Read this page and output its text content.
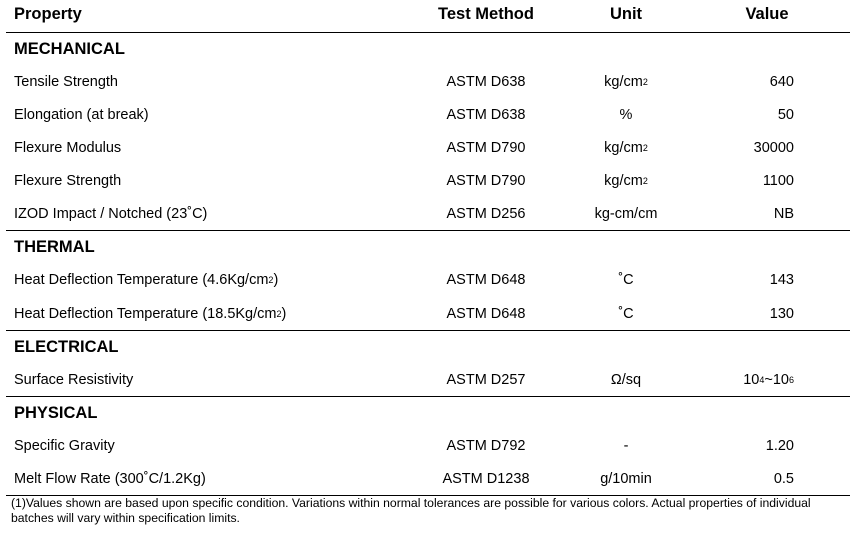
Property	Test Method	Unit	Value
MECHANICAL
Tensile Strength	ASTM D638	kg/cm 2	640
Elongation (at break)	ASTM D638	%	50
Flexure Modulus	ASTM D790	kg/cm 2	30000
Flexure Strength	ASTM D790	kg/cm 2	1100
IZOD Impact / Notched (23˚C)	ASTM D256	kg-cm/cm	NB
THERMAL
Heat Deflection Temperature (4.6Kg/cm 2 )	ASTM D648	˚C	143
Heat Deflection Temperature (18.5Kg/cm 2 )	ASTM D648	˚C	130
ELECTRICAL
Surface Resistivity	ASTM D257	Ω/sq	10 4 ~10 6
PHYSICAL
Specific Gravity	ASTM D792	-	1.20
Melt Flow Rate (300˚C/1.2Kg)	ASTM D1238	g/10min	0.5
(1)Values shown are based upon specific condition. Variations within normal tolerances are possible for various colors. Actual properties of individual batches will vary within specification limits.
